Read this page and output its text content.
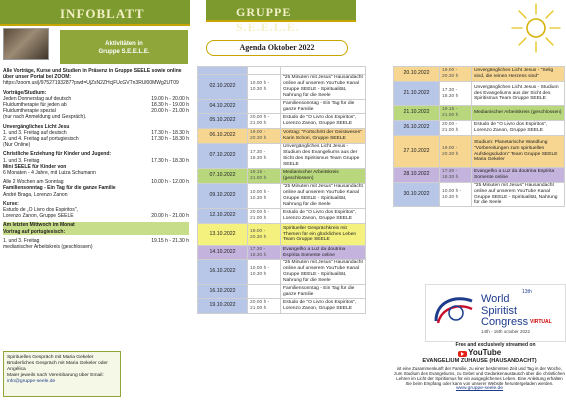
INFOBLATT
Aktivitäten in
Gruppe S.E.E.L.E.
Alle Vorträge, Kurse und Studien in Präsenz in Gruppe SEELE sowie online über unser Portal bei ZOOM:
https://zoom.us/j/97527193287?pwd=UjZsN2ZHcjFUcGVTn3RUl00MWg2UT09
Vorträge/Studium:
Jeden Donnerstag auf deutsch	19.00 h - 20.00 h
Fluidumtherapie für jeden ab	18.30 h - 19.00 h
Fluidumtherapie spezial	20.00 h - 21.00 h
(nur nach Anmeldung und Gespräch).
Unvergängliches Licht Jesu
1. und 3. Freitag auf deutsch	17.30 h - 18.30 h
2. und 4. Freitag auf portugiesisch	17.30 h - 18.30 h
(Nur Online)
Christliche Erziehung für Kinder und Jugend:
1. und 3. Freitag	17.30 h - 18.30 h
Mini SEELE für Kinder von
6 Monaten - 4 Jahre, mit Luiza Schumann
Alle 2 Wochen am Sonntag	10.00 h - 12.00 h
Familiensonntag - Ein Tag für die ganze Familie
André Braga, Lorenzo Zanon
Kurse:
Estudo de „O Livro dos Espiritos",
Lorenzo Zanon, Gruppe SEELE	20.00 h - 21.00 h
Am letzten Mittwoch im Monat
Vortrag auf portugiesisch:
1. und 3. Freitag	19.15 h - 21.30 h
medianischer Arbeitskreis (geschlossen)
Spirituelles Gespräch mit Maria Gekeler
Brüderliches Gespräch mit Maria Gekeler oder Angélica
Maier jeweils nach Vereinbarung über Email:
info@gruppe-seele.de
GRUPPE S.E.E.L.E.
Agenda Oktober 2022

02.10.2022	10.00 h - 10.30 h	"25 Minuten mit Jesus" Hausandacht online auf unserem YouTube Kanal Gruppe SEELE - Spiritualität, Nahrung für die Seele
04.10.2022		Familiensonntag - Ein Tag für die ganze Familie
05.10.2022	20.00 h - 21.00 h	Estudo de "O Livro dos Espiritos", Lorenzo Zanon, Gruppe SEELE
06.10.2022	19.00 - 20.30 h	Vortrag: "Fortschritt der Geistwesen" Karin Schori, Gruppe SEELE
07.10.2022	17.30 - 18.30 h	Unvergängliches Licht Jesus - Studium des Evangeliums aus der Sicht des Spiritismus Team Gruppe SEELE
07.10.2022	19.15 - 21.00 h	Medianischer Arbeitskreis (geschlossen)
09.10.2022	10.00 h - 10.30 h	"25 Minuten mit Jesus" Hausandacht online auf unserem YouTube Kanal Gruppe SEELE - Spiritualität, Nahrung für die Seele
12.10.2022	20.00 h - 21.00 h	Estudo de "O Livro dos Espiritos", Lorenzo Zanon, Gruppe SEELE
13.10.2022	19.00 - 20.30 h	Spiritueller Gesprächkreis mit Themen für ein glückliches Leben Team Gruppe SEELE
14.10.2022	17.30 - 18.30 h	Evangelho a Luz da doutrina Espírita Somente online
16.10.2022	10.00 h - 10.30 h	"25 Minuten mit Jesus" Hausandacht online auf unserem YouTube Kanal Gruppe SEELE - Spiritualität, Nahrung für die Seele
16.10.2022		Familiensonntag - Ein Tag für die ganze Familie
19.10.2022	20.00 h - 21.00 h	Estudo de "O Livro dos Espiritos", Lorenzo Zanon, Gruppe SEELE
20.10.2022	19.00 - 20.30 h	Unvergängliches Licht Jesus - "Selig sind, die reinen Herzens sind"
21.10.2022	17.30 - 18.30 h	Unvergängliches Licht Jesus - Studium des Evangeliums aus der Sicht des Spiritismus Team Gruppe SEELE
21.10.2022	19.15 - 21.00 h	Medianischer Arbeitskreis (geschlossen)
26.10.2022	20.00 - 21.00 h	Estudo de "O Livro dos Espiritos", Lorenzo Zanon, Gruppe SEELE
27.10.2022	19.00 - 20.30 h	Studium: Planetarische Wandlung "Vorbereitungen zum spirituellen Aufstiegsdudon" Team Gruppe SEELE Maria Gekeler
28.10.2022	17.30 - 18.30 h	Evangelho a Luz da doutrina Espírita Somente online
30.10.2022	10.00 h - 10.30 h	"25 Minuten mit Jesus" Hausandacht online auf unserem YouTube Kanal Gruppe SEELE - Spiritualität, Nahrung für die Seele
13th
World
Spiritist
Congress VIRTUAL
14th - 16th october 2022
Free and exclusively streamed on
YouTube
EVANGELIUM ZUHAUSE (HAUSANDACHT)
ist eine Zusammenkunft der Familie, zu einer bestimmten Zeit und Tag in der Woche, zum Studium des Evangeliums, zu Gebet und Gedankenaustausch über die christlichen Lehren im Licht der Spiritismus für ein ausgeglichenes Leben. Eine Anleitung erhalten Sie beim Empfang oder kann von unserer Website heruntergeladen werden.
www.gruppe-seele.de
